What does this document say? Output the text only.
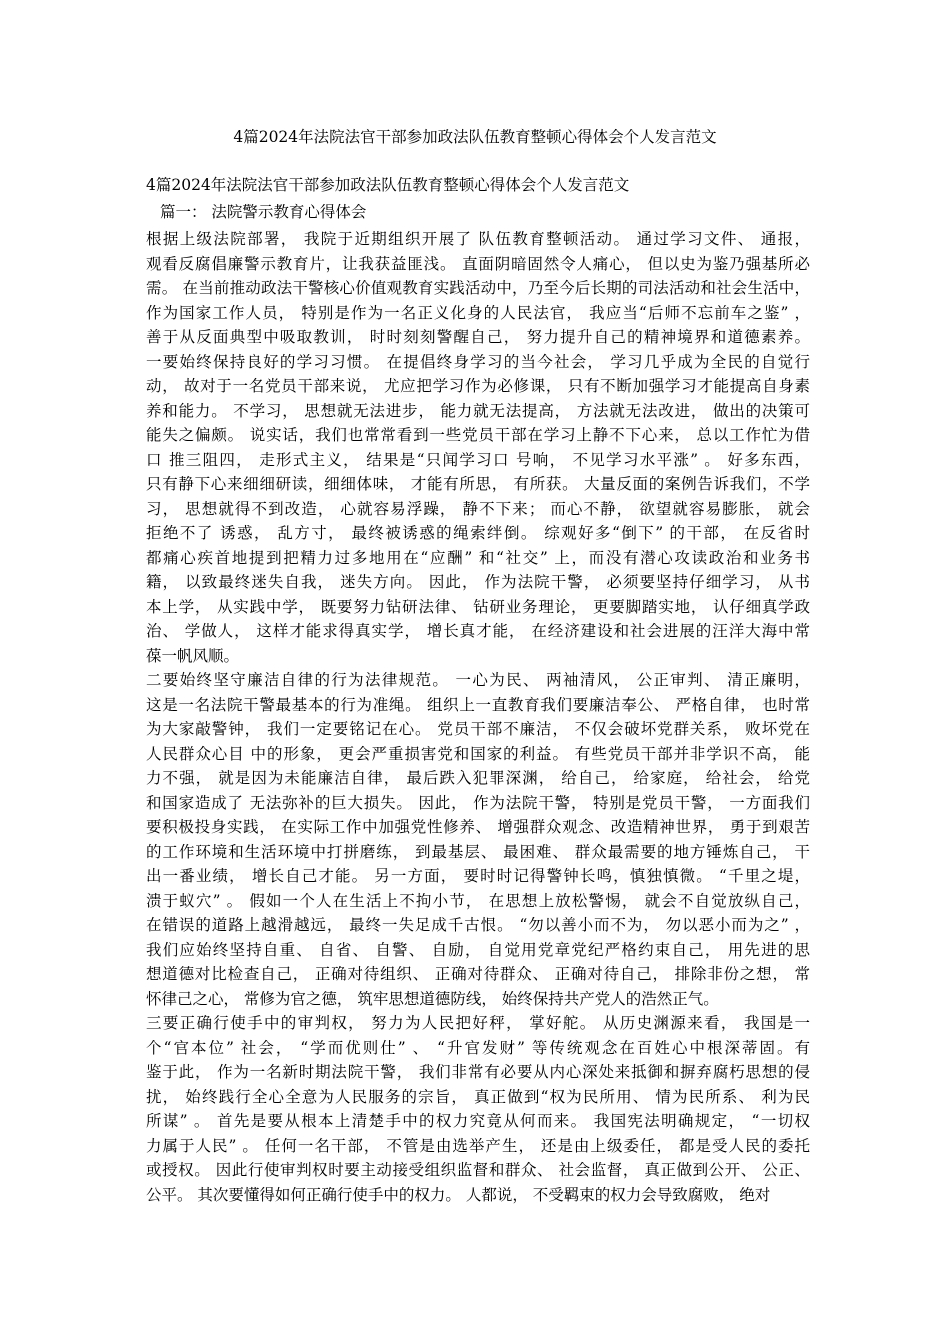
4篇2024年法院法官干部参加政法队伍教育整顿心得体会个人发言范文
4篇2024年法院法官干部参加政法队伍教育整顿心得体会个人发言范文
篇一： 法院警示教育心得体会
根据上级法院部署， 我院于近期组织开展了 队伍教育整顿活动。 通过学习文件、 通报，
观看反腐倡廉警示教育片，让我获益匪浅。 直面阴暗固然令人痛心， 但以史为鉴乃强基所必
需。 在当前推动政法干警核心价值观教育实践活动中，乃至今后长期的司法活动和社会生活中，
作为国家工作人员， 特别是作为一名正义化身的人民法官， 我应当“后师不忘前车之鉴” ，
善于从反面典型中吸取教训， 时时刻刻警醒自己， 努力提升自己的精神境界和道德素养。
一要始终保持良好的学习习惯。 在提倡终身学习的当今社会， 学习几乎成为全民的自觉行
动， 故对于一名党员干部来说， 尤应把学习作为必修课， 只有不断加强学习才能提高自身素
养和能力。 不学习， 思想就无法进步， 能力就无法提高， 方法就无法改进， 做出的决策可
能失之偏颇。 说实话，我们也常常看到一些党员干部在学习上静不下心来， 总以工作忙为借
口 推三阻四， 走形式主义， 结果是“只闻学习口 号响， 不见学习水平涨” 。 好多东西，
只有静下心来细细研读，细细体味， 才能有所思， 有所获。 大量反面的案例告诉我们，不学
习， 思想就得不到改造， 心就容易浮躁， 静不下来； 而心不静， 欲望就容易膨胀， 就会
拒绝不了 诱惑， 乱方寸， 最终被诱惑的绳索绊倒。 综观好多“倒下” 的干部， 在反省时
都痛心疾首地提到把精力过多地用在“应酬” 和“社交” 上，而没有潜心攻读政治和业务书
籍， 以致最终迷失自我， 迷失方向。 因此， 作为法院干警， 必须要坚持仔细学习， 从书
本上学， 从实践中学， 既要努力钻研法律、 钻研业务理论， 更要脚踏实地， 认仔细真学政
治、 学做人， 这样才能求得真实学， 增长真才能， 在经济建设和社会进展的汪洋大海中常
葆一帆风顺。
二要始终坚守廉洁自律的行为法律规范。 一心为民、 两袖清风， 公正审判、 清正廉明，
这是一名法院干警最基本的行为准绳。 组织上一直教育我们要廉洁奉公、 严格自律， 也时常
为大家敲警钟， 我们一定要铭记在心。 党员干部不廉洁， 不仅会破坏党群关系， 败坏党在
人民群众心目 中的形象， 更会严重损害党和国家的利益。 有些党员干部并非学识不高， 能
力不强， 就是因为未能廉洁自律， 最后跌入犯罪深渊， 给自己， 给家庭， 给社会， 给党
和国家造成了 无法弥补的巨大损失。 因此， 作为法院干警， 特别是党员干警， 一方面我们
要积极投身实践， 在实际工作中加强党性修养、 增强群众观念、改造精神世界， 勇于到艰苦
的工作环境和生活环境中打拼磨练， 到最基层、 最困难、 群众最需要的地方锤炼自己， 干
出一番业绩， 增长自己才能。 另一方面， 要时时记得警钟长鸣，慎独慎微。 “千里之堤，
溃于蚁穴” 。 假如一个人在生活上不拘小节， 在思想上放松警惕， 就会不自觉放纵自己，
在错误的道路上越滑越远， 最终一失足成千古恨。 “勿以善小而不为， 勿以恶小而为之” ，
我们应始终坚持自重、 自省、 自警、 自励， 自觉用党章党纪严格约束自己， 用先进的思
想道德对比检查自己， 正确对待组织、 正确对待群众、 正确对待自己， 排除非份之想， 常
怀律己之心， 常修为官之德， 筑牢思想道德防线， 始终保持共产党人的浩然正气。
三要正确行使手中的审判权， 努力为人民把好秤， 掌好舵。 从历史渊源来看， 我国是一
个“官本位” 社会， “学而优则仕” 、 “升官发财” 等传统观念在百姓心中根深蒂固。有
鉴于此， 作为一名新时期法院干警， 我们非常有必要从内心深处来抵御和摒弃腐朽思想的侵
扰， 始终践行全心全意为人民服务的宗旨， 真正做到“权为民所用、 情为民所系、 利为民
所谋” 。 首先是要从根本上清楚手中的权力究竟从何而来。 我国宪法明确规定， “一切权
力属于人民” 。 任何一名干部， 不管是由选举产生， 还是由上级委任， 都是受人民的委托
或授权。 因此行使审判权时要主动接受组织监督和群众、 社会监督， 真正做到公开、 公正、
公平。 其次要懂得如何正确行使手中的权力。 人都说， 不受羁束的权力会导致腐败， 绝对
